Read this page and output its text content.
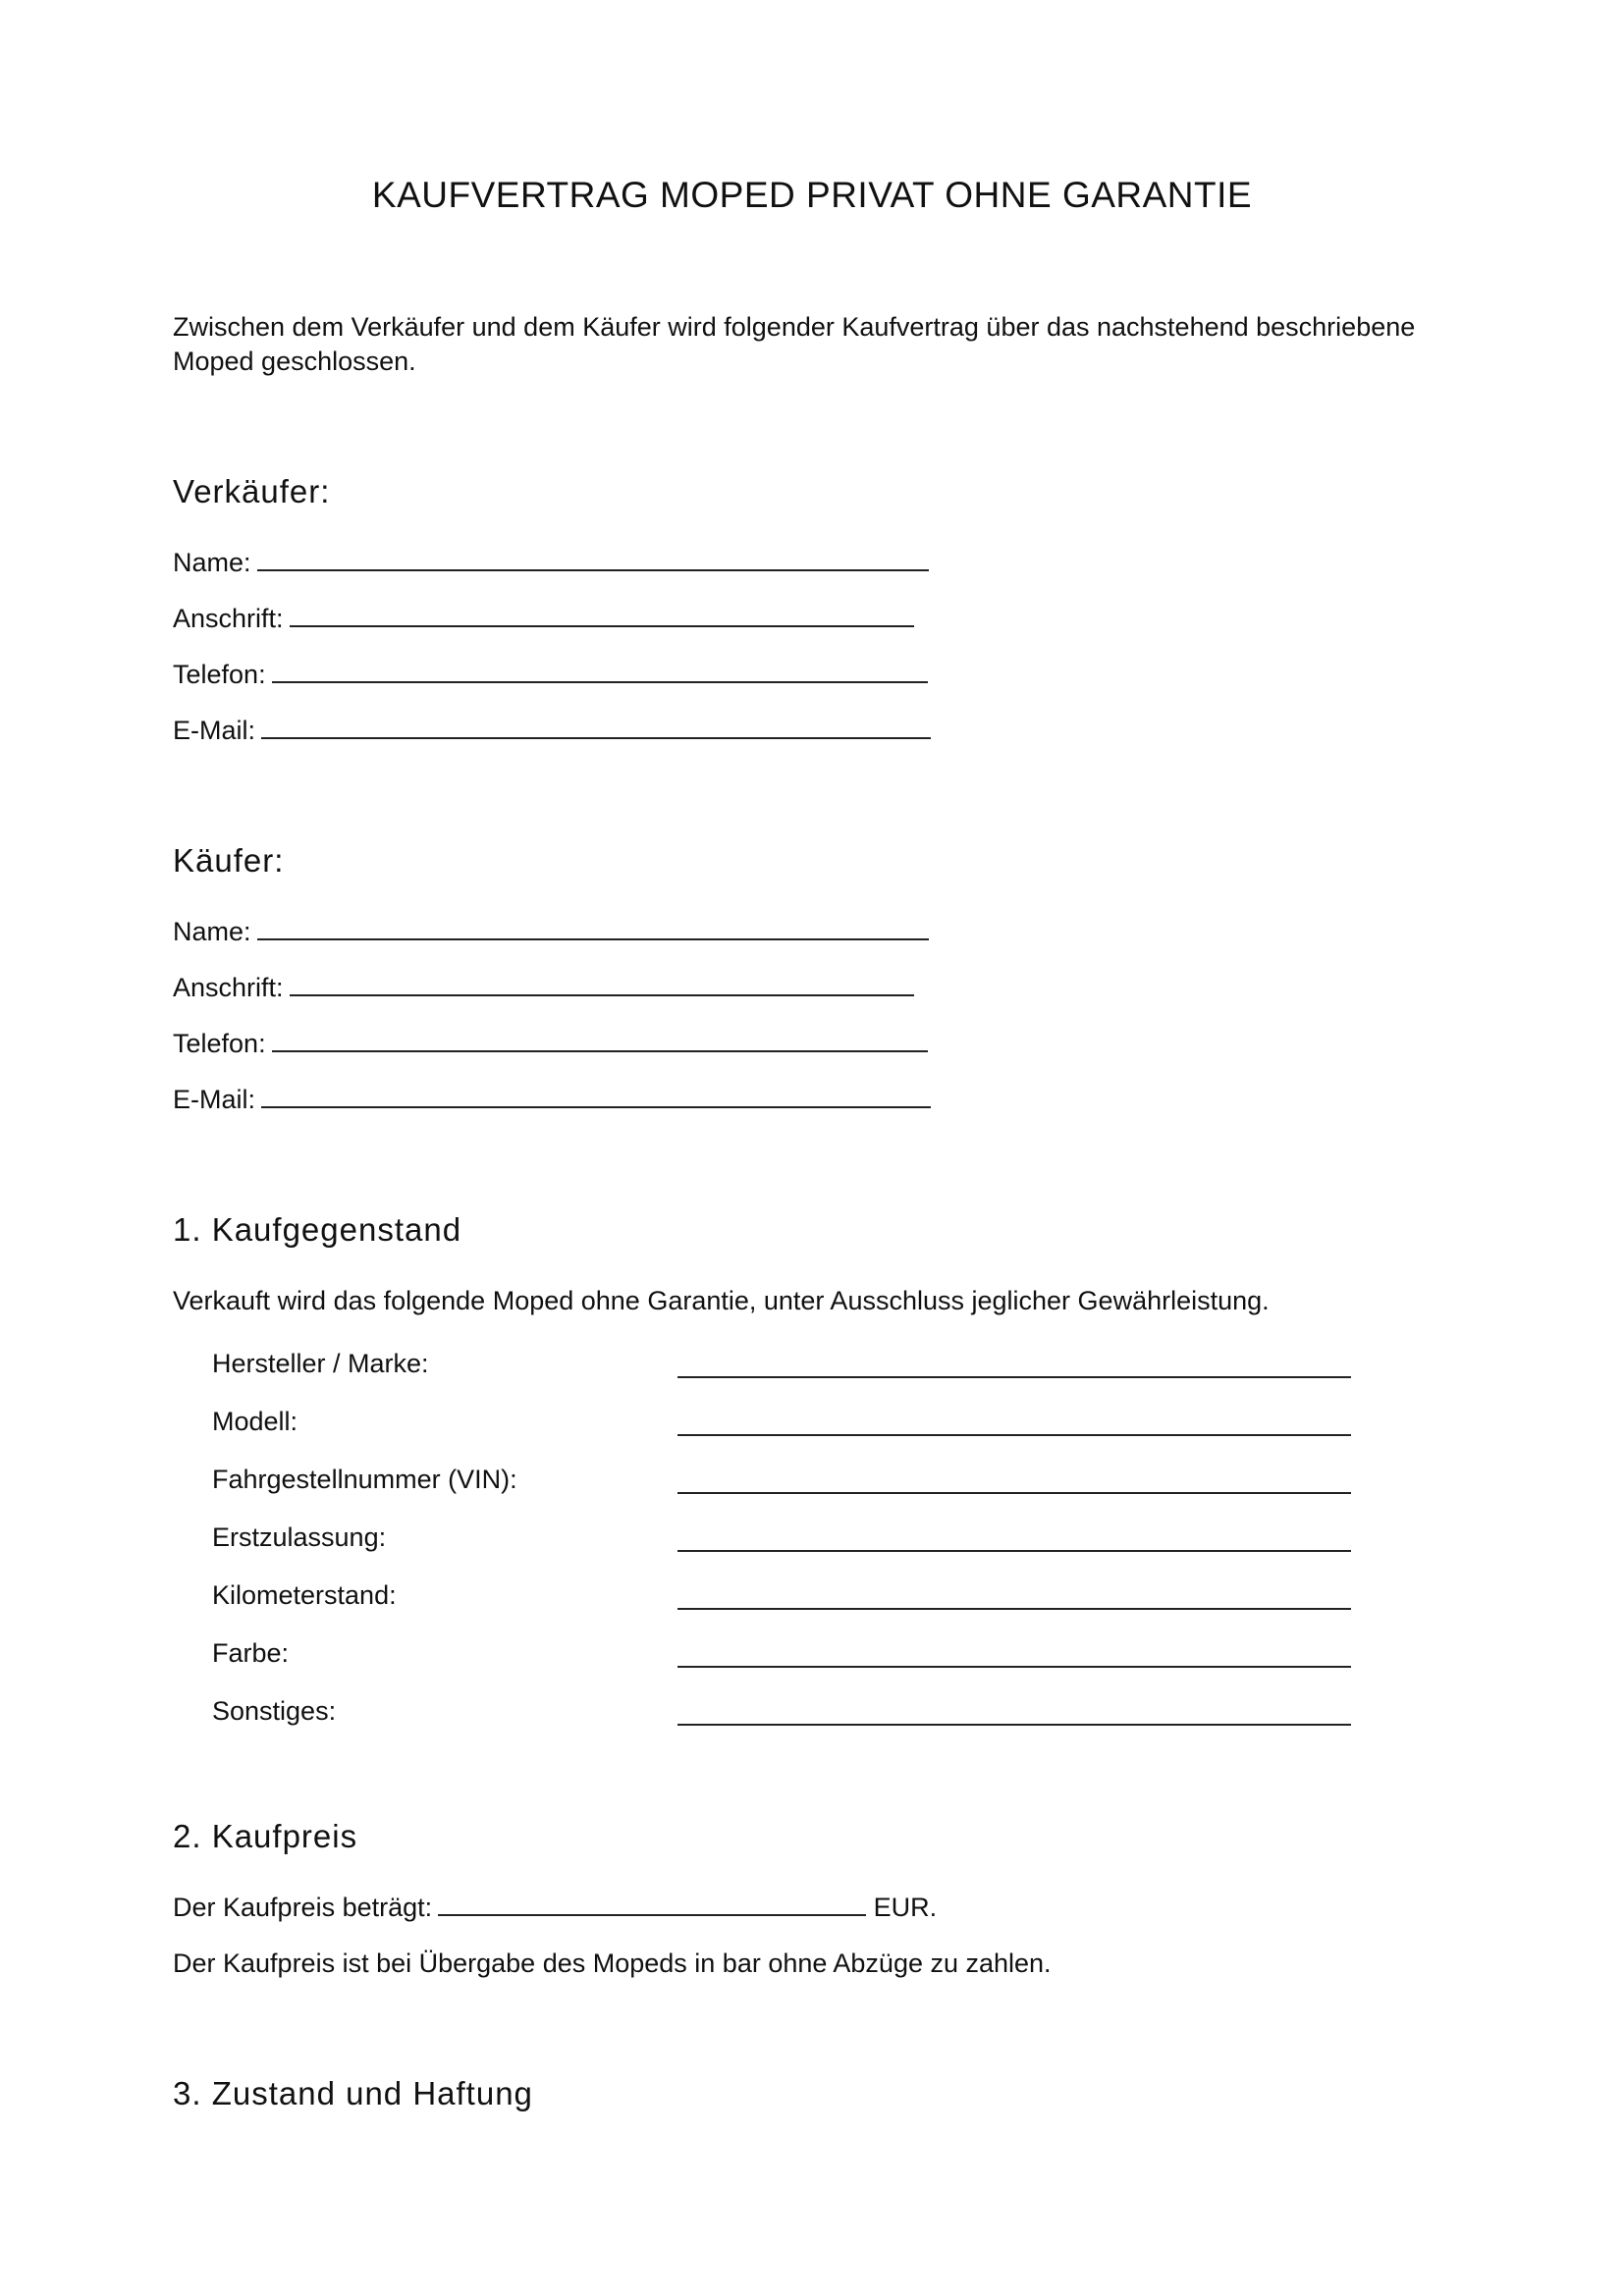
KAUFVERTRAG MOPED PRIVAT OHNE GARANTIE

Zwischen dem Verkäufer und dem Käufer wird folgender Kaufvertrag über das nachstehend beschriebene Moped geschlossen.

Verkäufer:
Name:
Anschrift:
Telefon:
E-Mail:
Käufer:
Name:
Anschrift:
Telefon:
E-Mail:
1. Kaufgegenstand

Verkauft wird das folgende Moped ohne Garantie, unter Ausschluss jeglicher Gewährleistung.

Hersteller / Marke:
Modell:
Fahrgestellnummer (VIN):
Erstzulassung:
Kilometerstand:
Farbe:
Sonstiges:
2. Kaufpreis
Der Kaufpreis beträgt:	EUR.

Der Kaufpreis ist bei Übergabe des Mopeds in bar ohne Abzüge zu zahlen.

3. Zustand und Haftung
